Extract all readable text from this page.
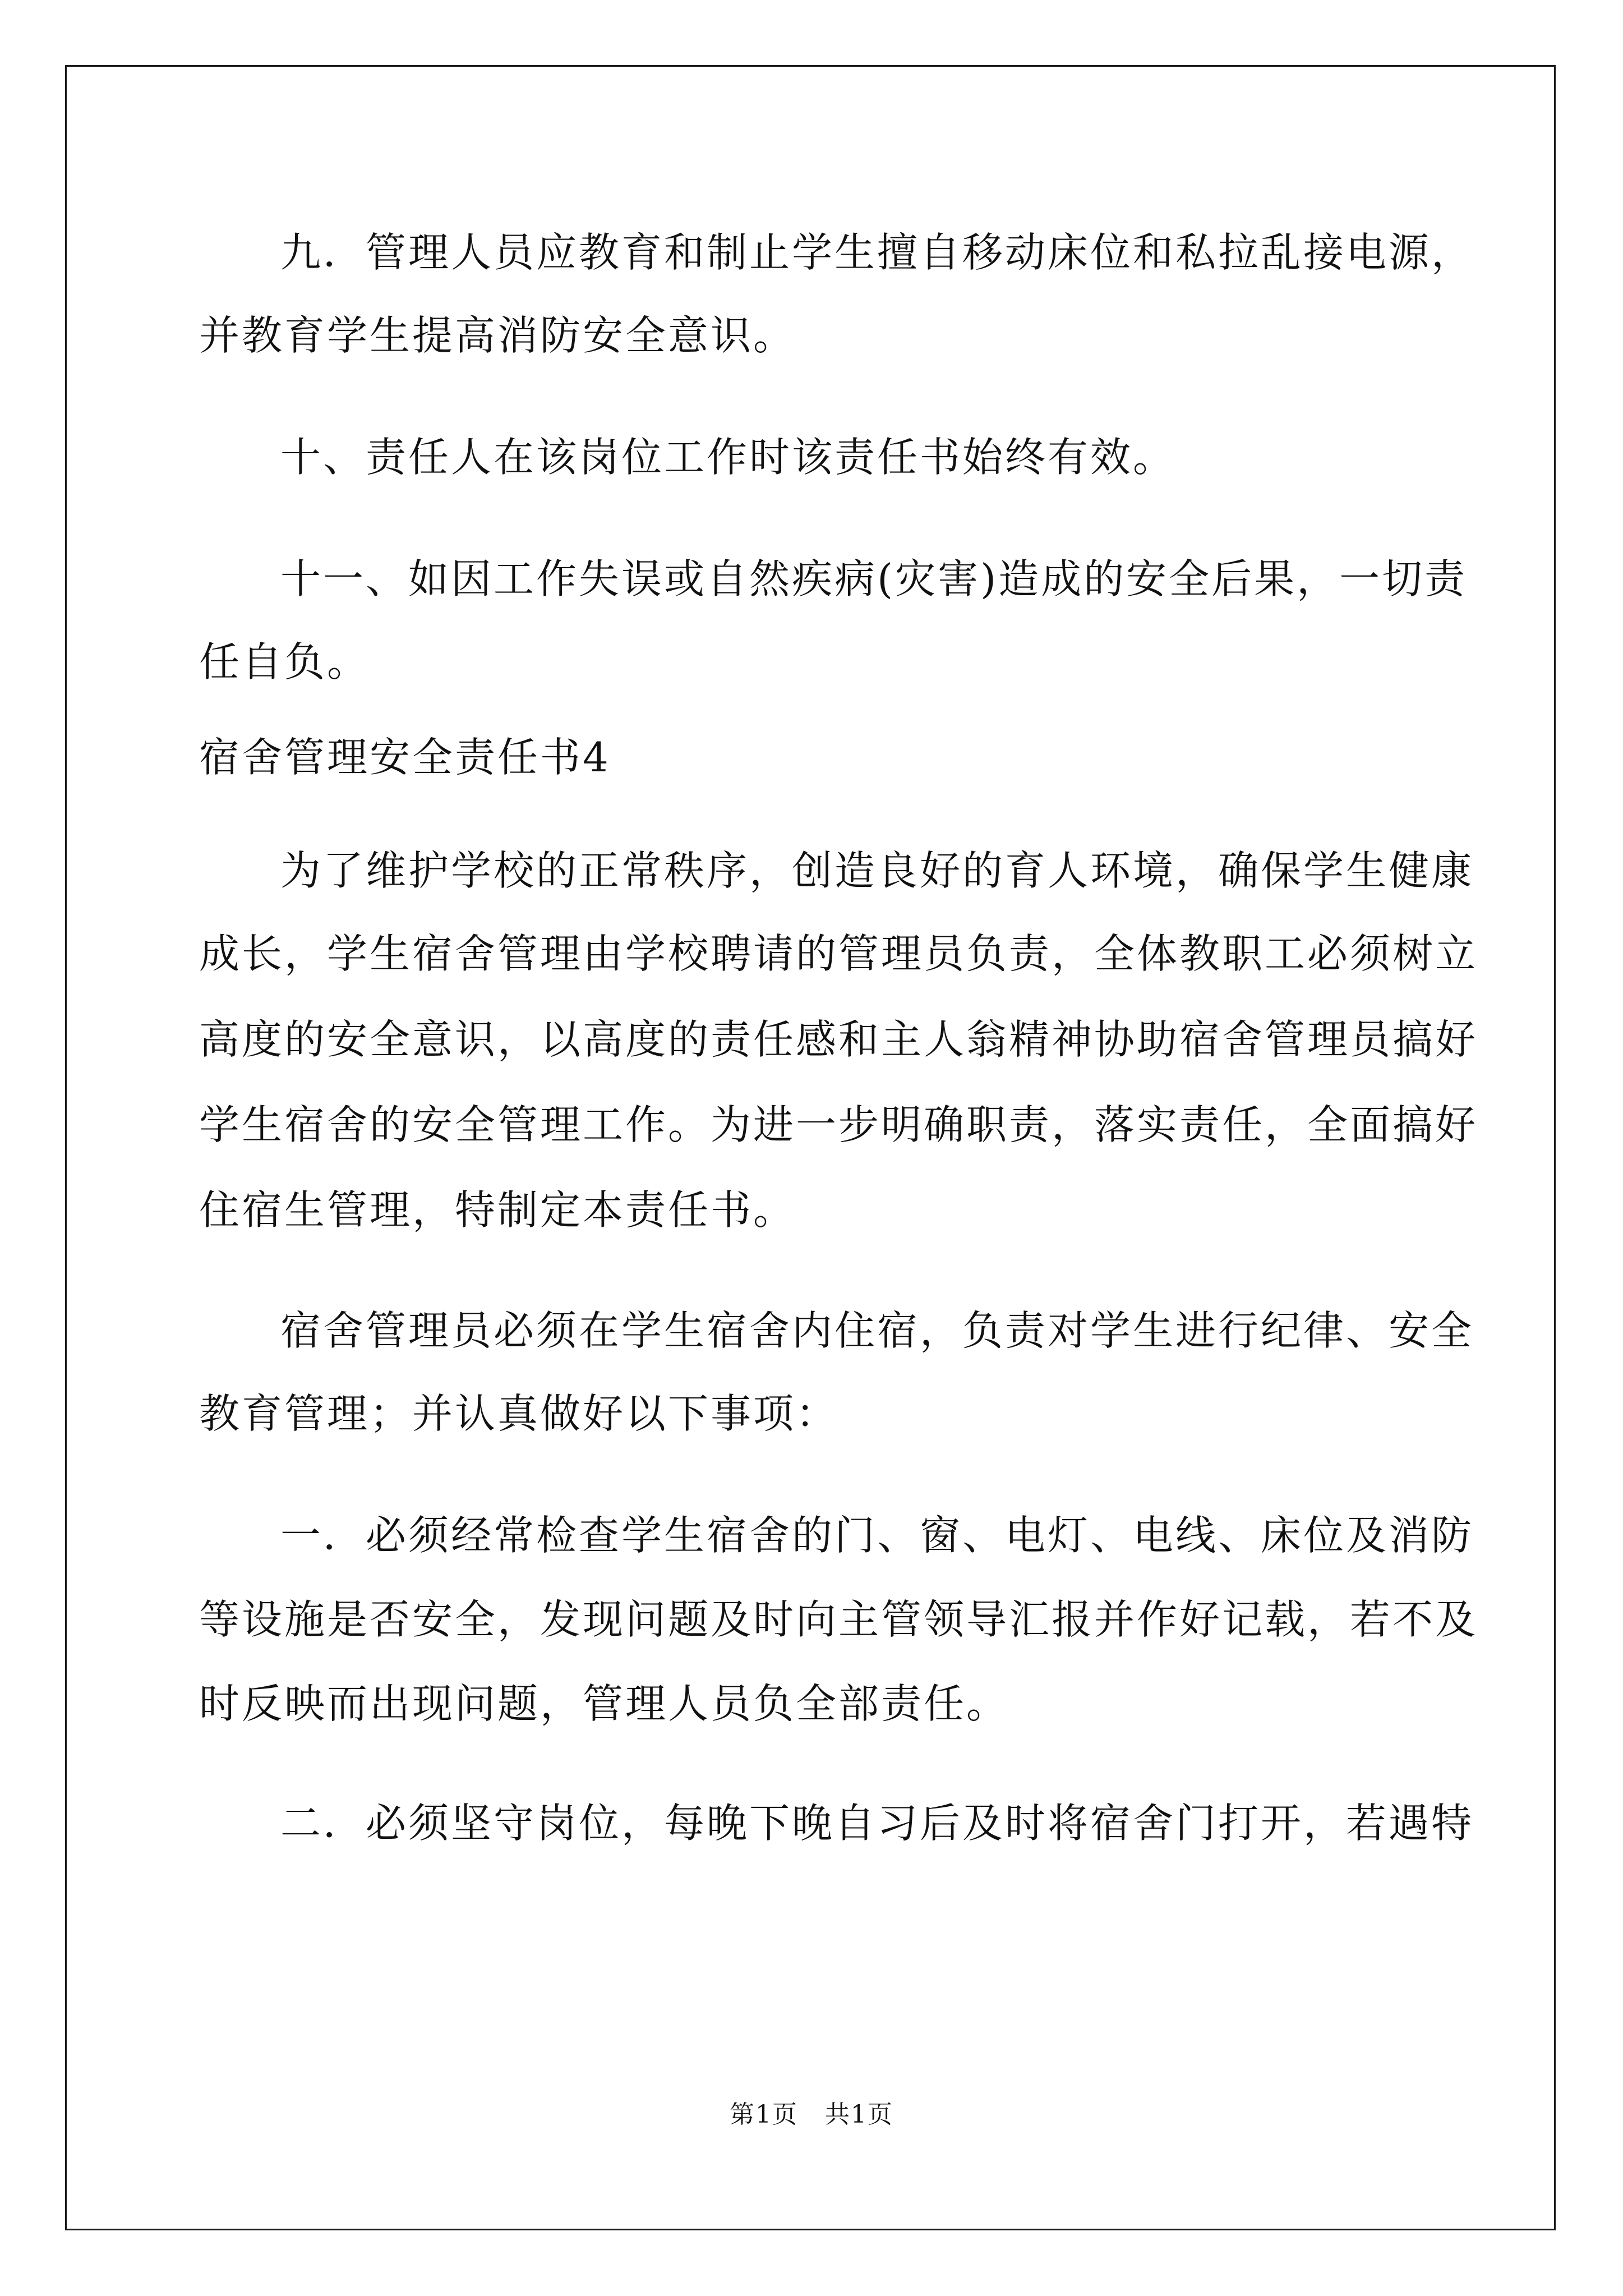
九．管理人员应教育和制止学生擅自移动床位和私拉乱接电源，
并教育学生提高消防安全意识。
十、责任人在该岗位工作时该责任书始终有效。
十一、如因工作失误或自然疾病(灾害)造成的安全后果，一切责
任自负。
宿舍管理安全责任书4
为了维护学校的正常秩序，创造良好的育人环境，确保学生健康
成长，学生宿舍管理由学校聘请的管理员负责，全体教职工必须树立
高度的安全意识，以高度的责任感和主人翁精神协助宿舍管理员搞好
学生宿舍的安全管理工作。为进一步明确职责，落实责任，全面搞好
住宿生管理，特制定本责任书。
宿舍管理员必须在学生宿舍内住宿，负责对学生进行纪律、安全
教育管理；并认真做好以下事项：
一．必须经常检查学生宿舍的门、窗、电灯、电线、床位及消防
等设施是否安全，发现问题及时向主管领导汇报并作好记载，若不及
时反映而出现问题，管理人员负全部责任。
二．必须坚守岗位，每晚下晚自习后及时将宿舍门打开，若遇特
第1页 共1页
